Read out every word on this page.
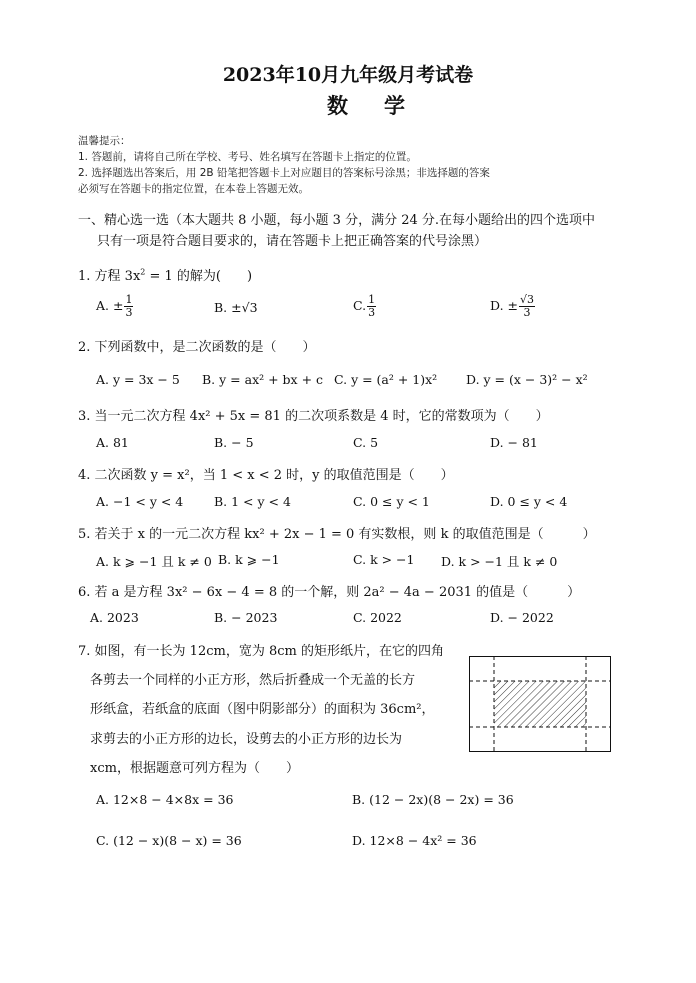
2023年10月九年级月考试卷
数学
温馨提示：
1. 答题前，请将自己所在学校、考号、姓名填写在答题卡上指定的位置。
2. 选择题选出答案后，用 2B 铅笔把答题卡上对应题目的答案标号涂黑；非选择题的答案
必须写在答题卡的指定位置，在本卷上答题无效。
一、精心选一选（本大题共 8 小题，每小题 3 分，满分 24 分.在每小题给出的四个选项中
只有一项是符合题目要求的，请在答题卡上把正确答案的代号涂黑）
1. 方程 $3x^2 = 1$ 的解为(　　)
A. ± $\frac{1}{3}$	B. ±√3	C. $\frac{1}{3}$	D. ± $\frac{√3}{3}$
2. 下列函数中，是二次函数的是（　　）
A. y = 3x − 5 B. y = ax² + bx + c C. y = (a² + 1)x² D. y = (x − 3)² − x²
3. 当一元二次方程 4x² + 5x = 81 的二次项系数是 4 时，它的常数项为（　　）
A. 81	B. − 5	C. 5	D. − 81
4. 二次函数 y = x²，当 1 < x < 2 时，y 的取值范围是（　　）
A. −1 < y < 4 B. 1 < y < 4	C. 0 ≤ y < 1	D. 0 ≤ y < 4
5. 若关于 x 的一元二次方程 kx² + 2x − 1 = 0 有实数根，则 k 的取值范围是（　　　）
A. k ⩾ −1 且 k ≠ 0 B. k ⩾ −1	C. k > −1 D. k > −1 且 k ≠ 0
6. 若 a 是方程 3x² − 6x − 4 = 8 的一个解，则 2a² − 4a − 2031 的值是（　　　）
A. 2023	B. − 2023	C. 2022	D. − 2022
7. 如图，有一长为 12cm，宽为 8cm 的矩形纸片，在它的四角
各剪去一个同样的小正方形，然后折叠成一个无盖的长方
形纸盒，若纸盒的底面（图中阴影部分）的面积为 36cm²，
求剪去的小正方形的边长，设剪去的小正方形的边长为
xcm，根据题意可列方程为（　　）
A. 12×8 − 4×8x = 36	B. (12 − 2x)(8 − 2x) = 36
C. (12 − x)(8 − x) = 36	D. 12×8 − 4x² = 36
